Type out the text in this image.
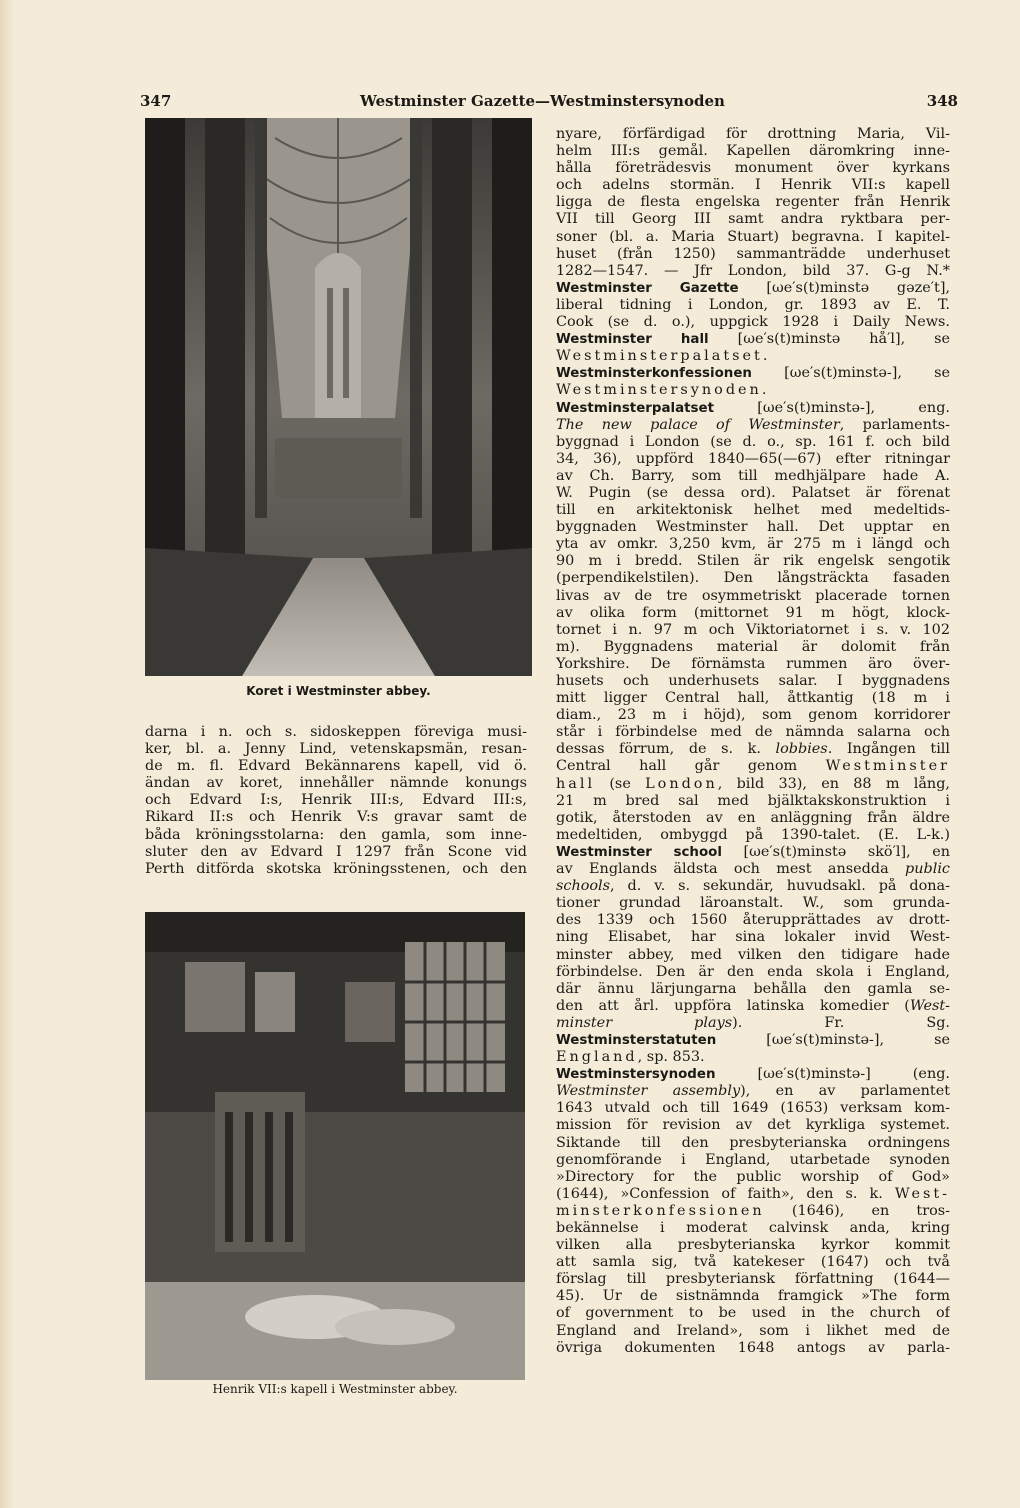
347	Westminster Gazette—Westminstersynoden	348
Koret i Westminster abbey.
darna i n. och s. sidoskeppen föreviga musi-
ker, bl. a. Jenny Lind, vetenskapsmän, resan-
de m. fl. Edvard Bekännarens kapell, vid ö.
ändan av koret, innehåller nämnde konungs
och Edvard I:s, Henrik III:s, Edvard III:s,
Rikard II:s och Henrik V:s gravar samt de
båda kröningsstolarna: den gamla, som inne-
sluter den av Edvard I 1297 från Scone vid
Perth ditförda skotska kröningsstenen, och den
Henrik VII:s kapell i Westminster abbey.
nyare, förfärdigad för drottning Maria, Vil-
helm III:s gemål. Kapellen däromkring inne-
hålla företrädesvis monument över kyrkans
och adelns stormän. I Henrik VII:s kapell
ligga de flesta engelska regenter från Henrik
VII till Georg III samt andra ryktbara per-
soner (bl. a. Maria Stuart) begravna. I kapitel-
huset (från 1250) sammanträdde underhuset
1282—1547. — Jfr London, bild 37. G-g N.*
Westminster Gazette [ωe′s(t)minstə gəze′t],
liberal tidning i London, gr. 1893 av E. T.
Cook (se d. o.), uppgick 1928 i Daily News.
Westminster hall [ωe′s(t)minstə hå′l], se
Westminsterpalatset.
Westminsterkonfessionen [ωe′s(t)minstə-], se
Westminstersynoden.
Westminsterpalatset [ωe′s(t)minstə-], eng.
The new palace of Westminster, parlaments-
byggnad i London (se d. o., sp. 161 f. och bild
34, 36), uppförd 1840—65(—67) efter ritningar
av Ch. Barry, som till medhjälpare hade A.
W. Pugin (se dessa ord). Palatset är förenat
till en arkitektonisk helhet med medeltids-
byggnaden Westminster hall. Det upptar en
yta av omkr. 3,250 kvm, är 275 m i längd och
90 m i bredd. Stilen är rik engelsk sengotik
(perpendikelstilen). Den långsträckta fasaden
livas av de tre osymmetriskt placerade tornen
av olika form (mittornet 91 m högt, klock-
tornet i n. 97 m och Viktoriatornet i s. v. 102
m). Byggnadens material är dolomit från
Yorkshire. De förnämsta rummen äro över-
husets och underhusets salar. I byggnadens
mitt ligger Central hall, åttkantig (18 m i
diam., 23 m i höjd), som genom korridorer
står i förbindelse med de nämnda salarna och
dessas förrum, de s. k. lobbies. Ingången till
Central hall går genom Westminster
hall (se London, bild 33), en 88 m lång,
21 m bred sal med bjälktakskonstruktion i
gotik, återstoden av en anläggning från äldre
medeltiden, ombyggd på 1390-talet. (E. L-k.)
Westminster school [ωe′s(t)minstə skö′l], en
av Englands äldsta och mest ansedda public
schools, d. v. s. sekundär, huvudsakl. på dona-
tioner grundad läroanstalt. W., som grunda-
des 1339 och 1560 återupprättades av drott-
ning Elisabet, har sina lokaler invid West-
minster abbey, med vilken den tidigare hade
förbindelse. Den är den enda skola i England,
där ännu lärjungarna behålla den gamla se-
den att årl. uppföra latinska komedier (West-
minster plays).	Fr. Sg.
Westminsterstatuten [ωe′s(t)minstə-], se
England, sp. 853.
Westminstersynoden [ωe′s(t)minstə-] (eng.
Westminster assembly), en av parlamentet
1643 utvald och till 1649 (1653) verksam kom-
mission för revision av det kyrkliga systemet.
Siktande till den presbyterianska ordningens
genomförande i England, utarbetade synoden
»Directory for the public worship of God»
(1644), »Confession of faith», den s. k. West-
minsterkonfessionen (1646), en tros-
bekännelse i moderat calvinsk anda, kring
vilken alla presbyterianska kyrkor kommit
att samla sig, två katekeser (1647) och två
förslag till presbyteriansk författning (1644—
45). Ur de sistnämnda framgick »The form
of government to be used in the church of
England and Ireland», som i likhet med de
övriga dokumenten 1648 antogs av parla-
